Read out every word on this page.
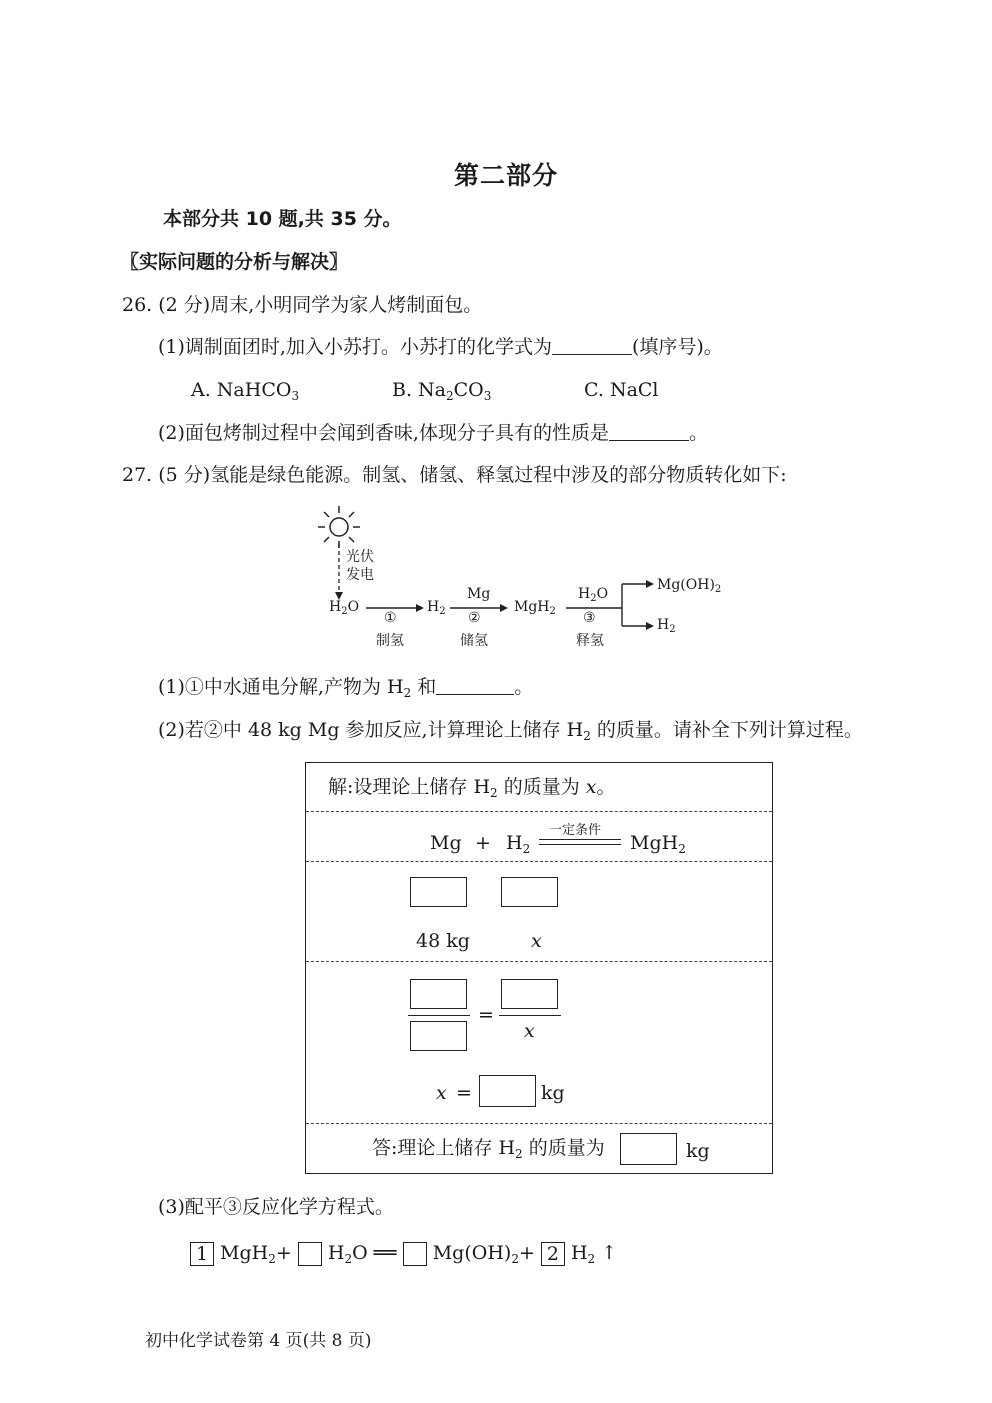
第二部分
本部分共 10 题,共 35 分。
〖实际问题的分析与解决〗
26. (2 分)周末,小明同学为家人烤制面包。
(1)调制面团时,加入小苏打。小苏打的化学式为	(填序号)。
A. NaHCO$_3$	B. $Na_2CO_3$	C. NaCl
(2)面包烤制过程中会闻到香味,体现分子具有的性质是	。
27. (5 分)氢能是绿色能源。制氢、储氢、释氢过程中涉及的部分物质转化如下:
光伏
发电
$H_2O$
①
制氢
$H_2$
Mg
②
储氢
MgH$_2$
$H_2O$
③
释氢
$Mg(OH)_2$
$H_2$
(1)①中水通电分解,产物为 $H_2$ 和	。
(2)若②中 48 kg Mg 参加反应,计算理论上储存 $H_2$ 的质量。请补全下列计算过程。
解:设理论上储存 $H_2$ 的质量为 x。
$Mg + H_2$
一定条件
MgH$_2$
48 kg	x
=
x
x =	kg
答:理论上储存 $H_2$ 的质量为	kg
(3)配平③反应化学方程式。
1 $MgH_2+ H_2O$ ══ $Mg(OH)_2+ 2$ $H_2$ ↑
初中化学试卷第 4 页(共 8 页)
